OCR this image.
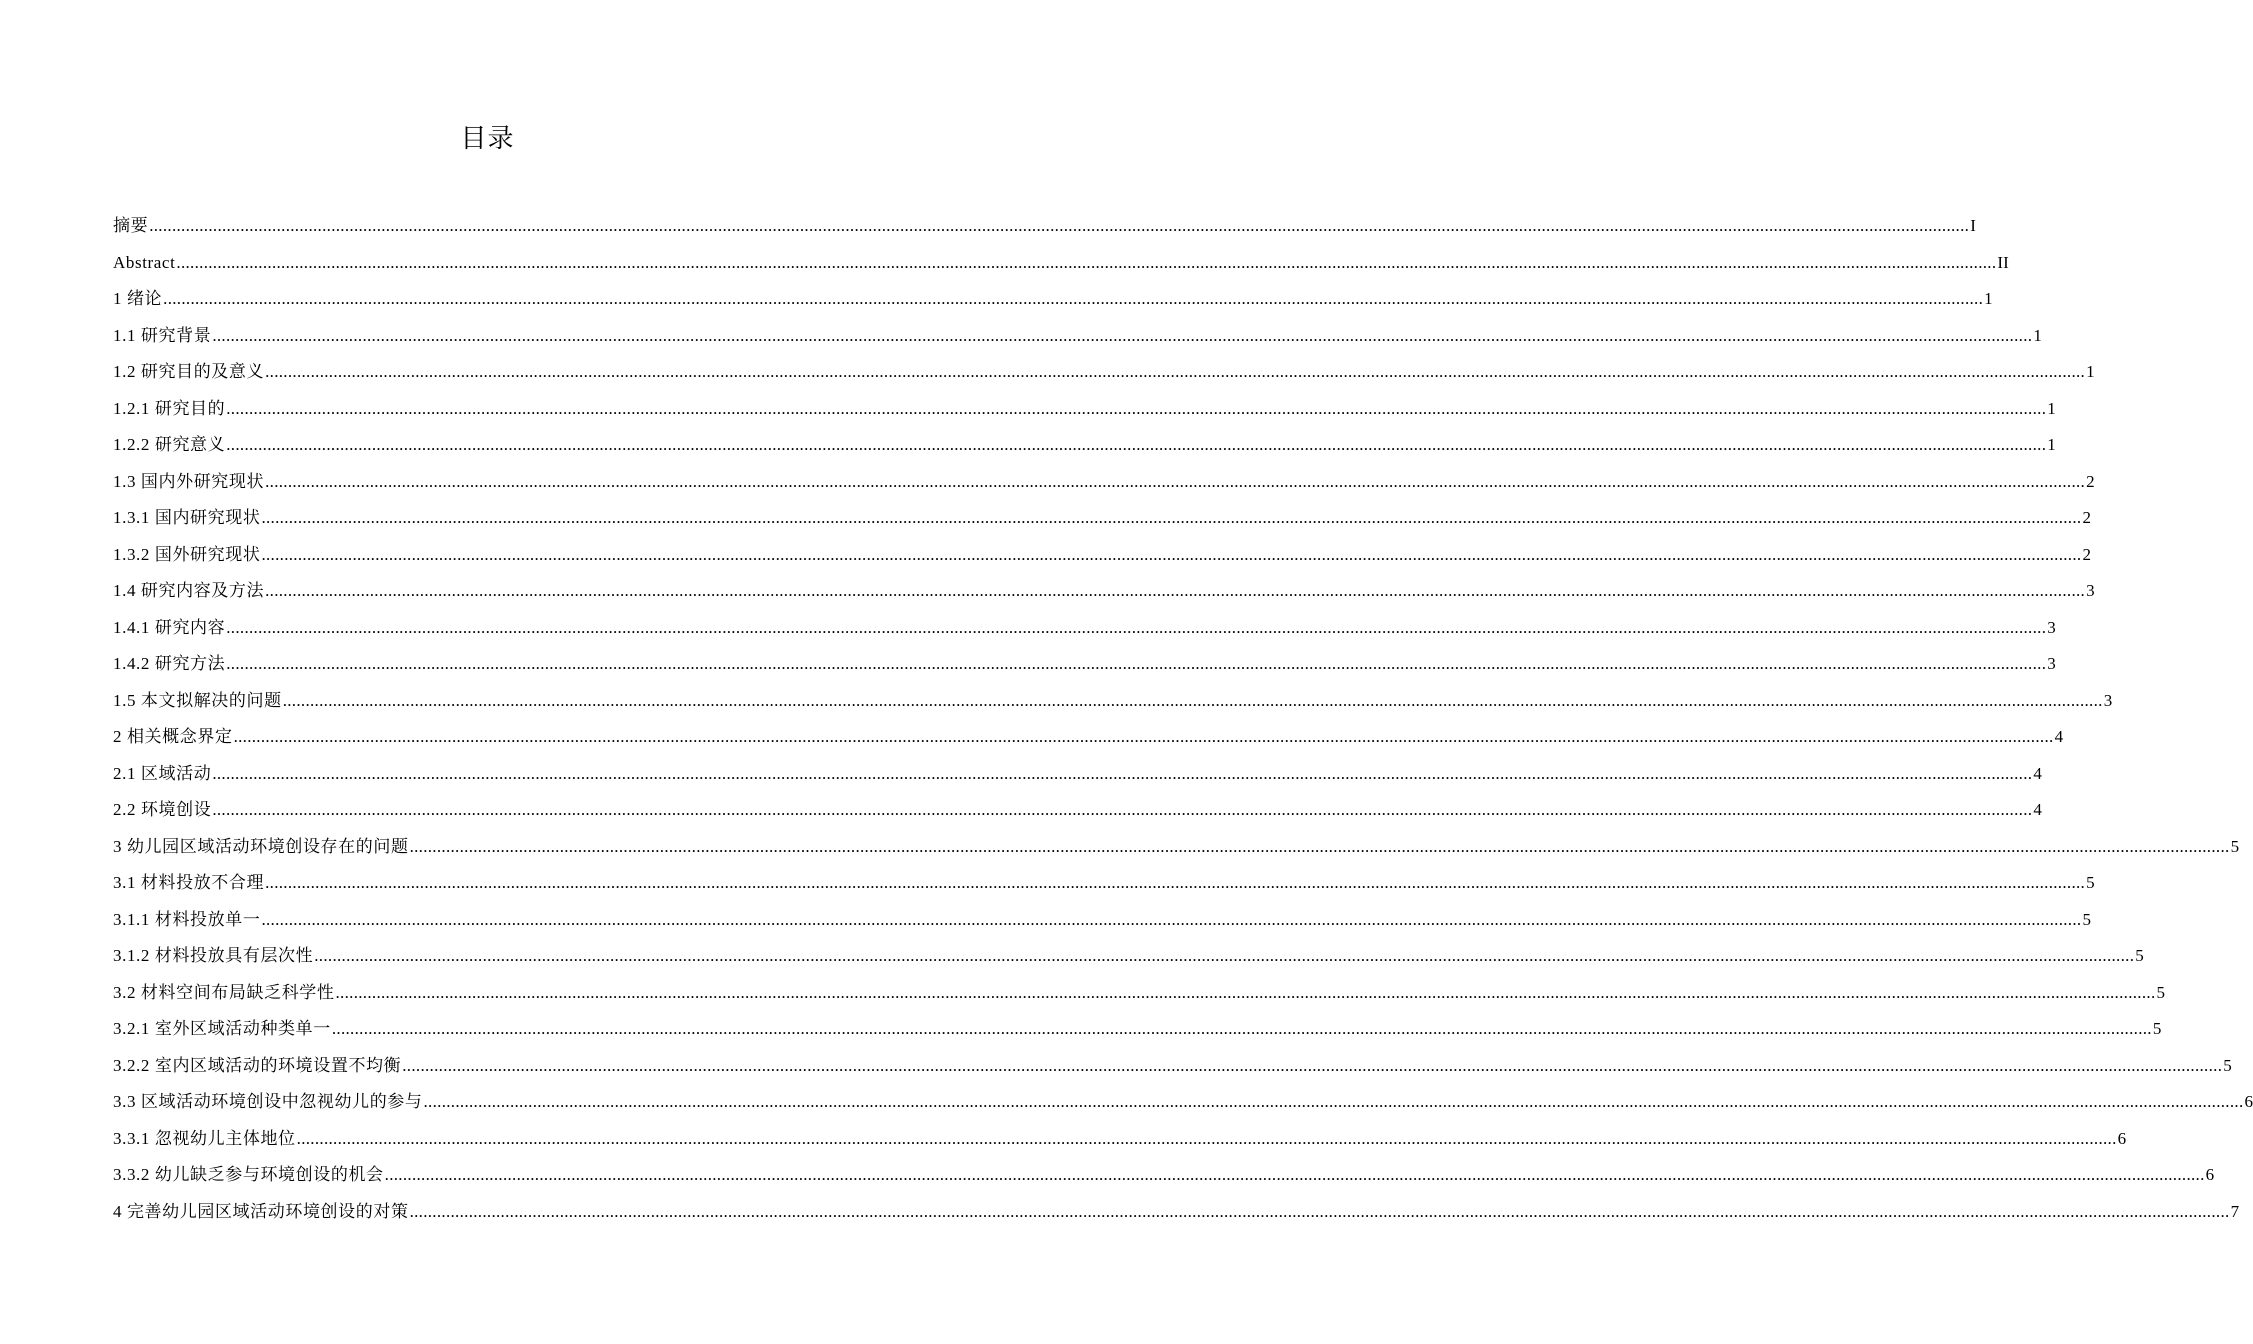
目录
摘要 ................................................................................................................................................................................................................................................................................................................................................................................................................ I
Abstract ................................................................................................................................................................................................................................................................................................................................................................................................................ II
1 绪论 ................................................................................................................................................................................................................................................................................................................................................................................................................ 1
1.1 研究背景 ................................................................................................................................................................................................................................................................................................................................................................................................................ 1
1.2 研究目的及意义 ................................................................................................................................................................................................................................................................................................................................................................................................................ 1
1.2.1 研究目的 ................................................................................................................................................................................................................................................................................................................................................................................................................ 1
1.2.2 研究意义 ................................................................................................................................................................................................................................................................................................................................................................................................................ 1
1.3 国内外研究现状 ................................................................................................................................................................................................................................................................................................................................................................................................................ 2
1.3.1 国内研究现状 ................................................................................................................................................................................................................................................................................................................................................................................................................ 2
1.3.2 国外研究现状 ................................................................................................................................................................................................................................................................................................................................................................................................................ 2
1.4 研究内容及方法 ................................................................................................................................................................................................................................................................................................................................................................................................................ 3
1.4.1 研究内容 ................................................................................................................................................................................................................................................................................................................................................................................................................ 3
1.4.2 研究方法 ................................................................................................................................................................................................................................................................................................................................................................................................................ 3
1.5 本文拟解决的问题 ................................................................................................................................................................................................................................................................................................................................................................................................................ 3
2 相关概念界定 ................................................................................................................................................................................................................................................................................................................................................................................................................ 4
2.1 区域活动 ................................................................................................................................................................................................................................................................................................................................................................................................................ 4
2.2 环境创设 ................................................................................................................................................................................................................................................................................................................................................................................................................ 4
3 幼儿园区域活动环境创设存在的问题 ................................................................................................................................................................................................................................................................................................................................................................................................................ 5
3.1 材料投放不合理 ................................................................................................................................................................................................................................................................................................................................................................................................................ 5
3.1.1 材料投放单一 ................................................................................................................................................................................................................................................................................................................................................................................................................ 5
3.1.2 材料投放具有层次性 ................................................................................................................................................................................................................................................................................................................................................................................................................ 5
3.2 材料空间布局缺乏科学性 ................................................................................................................................................................................................................................................................................................................................................................................................................ 5
3.2.1 室外区域活动种类单一 ................................................................................................................................................................................................................................................................................................................................................................................................................ 5
3.2.2 室内区域活动的环境设置不均衡 ................................................................................................................................................................................................................................................................................................................................................................................................................ 5
3.3 区域活动环境创设中忽视幼儿的参与 ................................................................................................................................................................................................................................................................................................................................................................................................................ 6
3.3.1 忽视幼儿主体地位 ................................................................................................................................................................................................................................................................................................................................................................................................................ 6
3.3.2 幼儿缺乏参与环境创设的机会 ................................................................................................................................................................................................................................................................................................................................................................................................................ 6
4 完善幼儿园区域活动环境创设的对策 ................................................................................................................................................................................................................................................................................................................................................................................................................ 7
